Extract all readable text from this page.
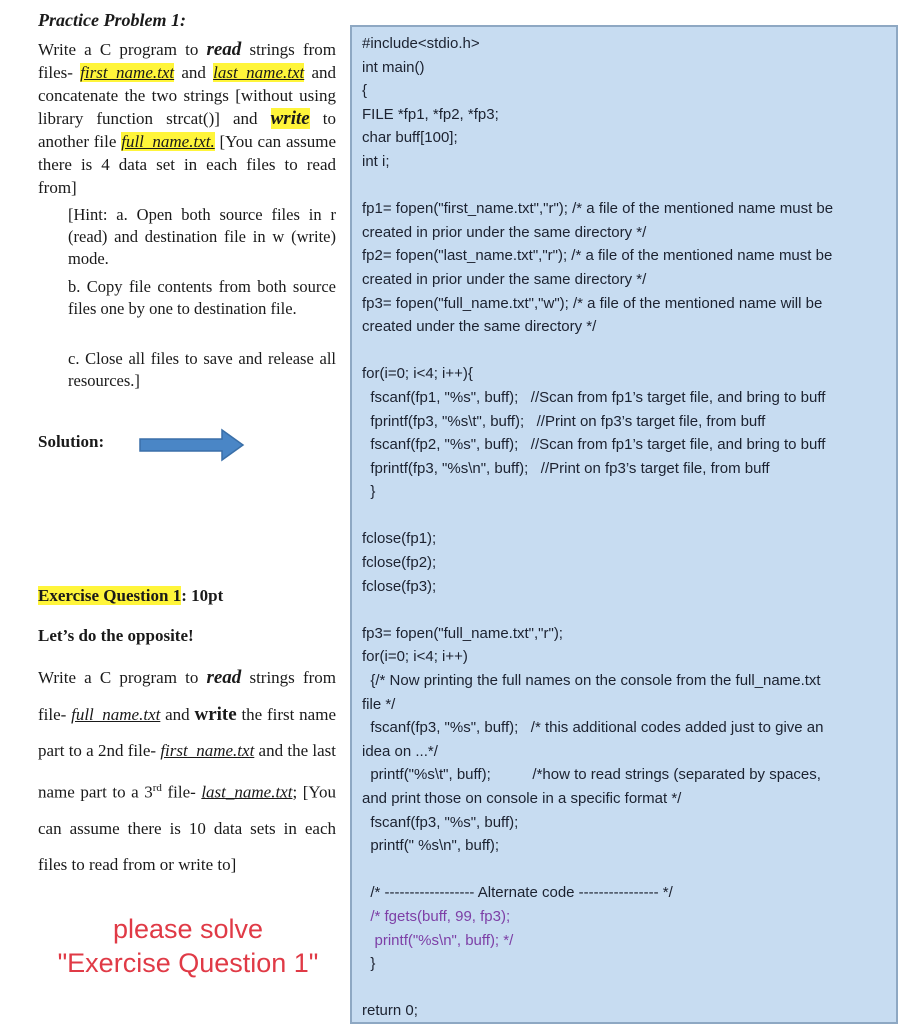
Practice Problem 1:
Write a C program to read strings from files- first_name.txt and last_name.txt and concatenate the two strings [without using library function strcat()] and write to another file full_name.txt. [You can assume there is 4 data set in each files to read from]
[Hint: a. Open both source files in r (read) and destination file in w (write) mode.
b. Copy file contents from both source files one by one to destination file.
c. Close all files to save and release all resources.]
Solution:
Exercise Question 1: 10pt
Let’s do the opposite!
Write a C program to read strings from file- full_name.txt and write the first name part to a 2nd file- first_name.txt and the last name part to a 3rd file- last_name.txt; [You can assume there is 10 data sets in each files to read from or write to]
please solve
"Exercise Question 1"
#include<stdio.h>
int main()
{
FILE *fp1, *fp2, *fp3;
char buff[100];
int i;
fp1= fopen("first_name.txt","r"); /* a file of the mentioned name must be
created in prior under the same directory */
fp2= fopen("last_name.txt","r"); /* a file of the mentioned name must be
created in prior under the same directory */
fp3= fopen("full_name.txt","w"); /* a file of the mentioned name will be
created under the same directory */
for(i=0; i<4; i++){
fscanf(fp1, "%s", buff);   //Scan from fp1’s target file, and bring to buff
fprintf(fp3, "%s\t", buff);   //Print on fp3’s target file, from buff
fscanf(fp2, "%s", buff);   //Scan from fp1’s target file, and bring to buff
fprintf(fp3, "%s\n", buff);   //Print on fp3’s target file, from buff
}
fclose(fp1);
fclose(fp2);
fclose(fp3);
fp3= fopen("full_name.txt","r");
for(i=0; i<4; i++)
{/* Now printing the full names on the console from the full_name.txt
file */
fscanf(fp3, "%s", buff);   /* this additional codes added just to give an
idea on ...*/
printf("%s\t", buff);          /*how to read strings (separated by spaces,
and print those on console in a specific format */
fscanf(fp3, "%s", buff);
printf(" %s\n", buff);
/* ------------------ Alternate code ---------------- */
/* fgets(buff, 99, fp3);
printf("%s\n", buff); */
}
return 0;
